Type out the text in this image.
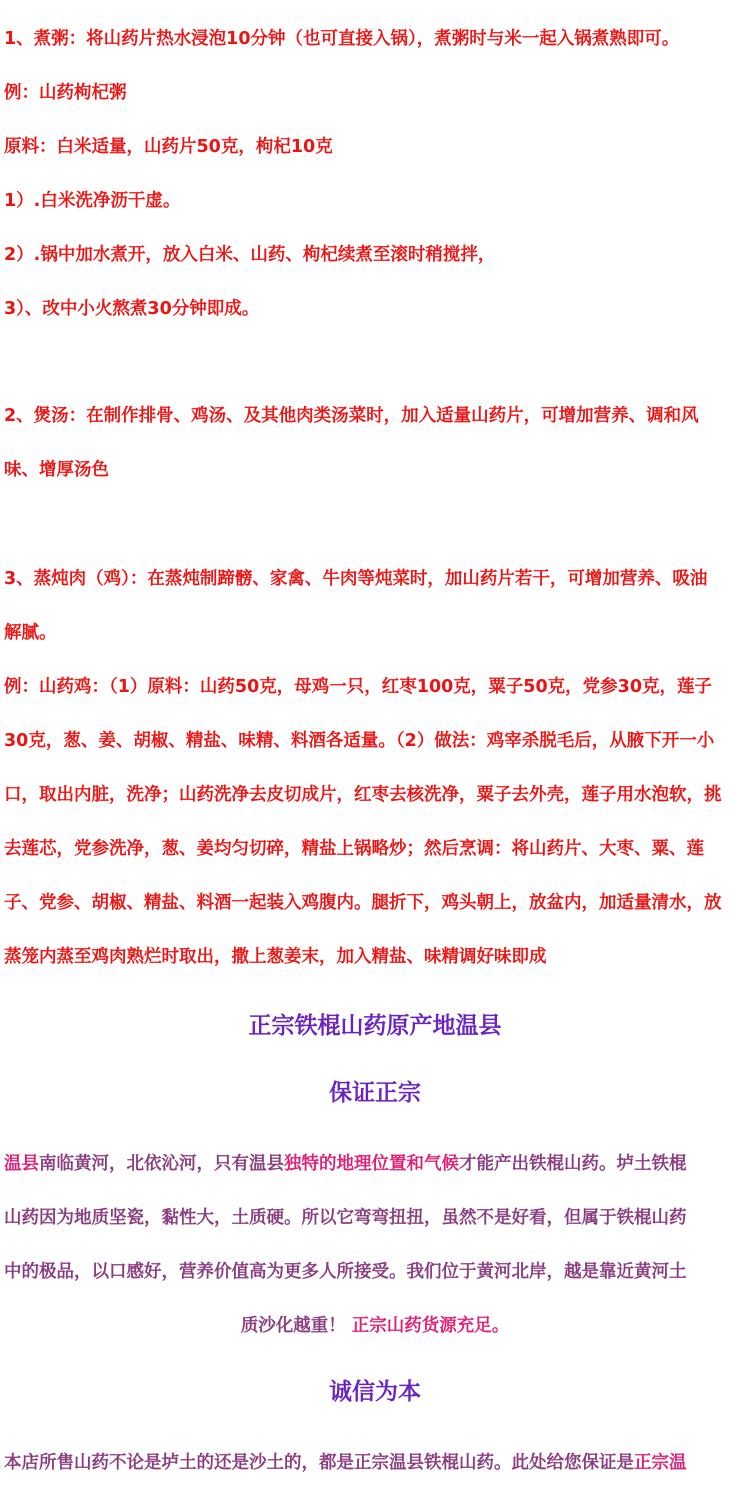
1、煮粥：将山药片热水浸泡10分钟（也可直接入锅），煮粥时与米一起入锅煮熟即可。
例：山药枸杞粥
原料：白米适量，山药片50克，枸杞10克
1）.白米洗净沥干虚。
2）.锅中加水煮开，放入白米、山药、枸杞续煮至滚时稍搅拌，
3）、改中小火熬煮30分钟即成。
2、煲汤：在制作排骨、鸡汤、及其他肉类汤菜时，加入适量山药片，可增加营养、调和风
味、增厚汤色
3、蒸炖肉（鸡）：在蒸炖制蹄髈、家禽、牛肉等炖菜时，加山药片若干，可增加营养、吸油
解腻。
例：山药鸡：（1）原料：山药50克，母鸡一只，红枣100克，粟子50克，党参30克，莲子
30克，葱、姜、胡椒、精盐、味精、料酒各适量。（2）做法：鸡宰杀脱毛后，从腋下开一小
口，取出内脏，洗净；山药洗净去皮切成片，红枣去核洗净，粟子去外壳，莲子用水泡软，挑
去莲芯，党参洗净，葱、姜均匀切碎，精盐上锅略炒；然后烹调：将山药片、大枣、粟、莲
子、党参、胡椒、精盐、料酒一起装入鸡腹内。腿折下，鸡头朝上，放盆内，加适量清水，放
蒸笼内蒸至鸡肉熟烂时取出，撒上葱姜末，加入精盐、味精调好味即成
正宗铁棍山药原产地温县
保证正宗
温县南临黄河，北依沁河，只有温县独特的地理位置和气候才能产出铁棍山药。垆土铁棍
山药因为地质坚瓷，黏性大，土质硬。所以它弯弯扭扭，虽然不是好看，但属于铁棍山药
中的极品，以口感好，营养价值高为更多人所接受。我们位于黄河北岸，越是靠近黄河土
质沙化越重！ 正宗山药货源充足。
诚信为本
本店所售山药不论是垆土的还是沙土的，都是正宗温县铁棍山药。此处给您保证是正宗温
